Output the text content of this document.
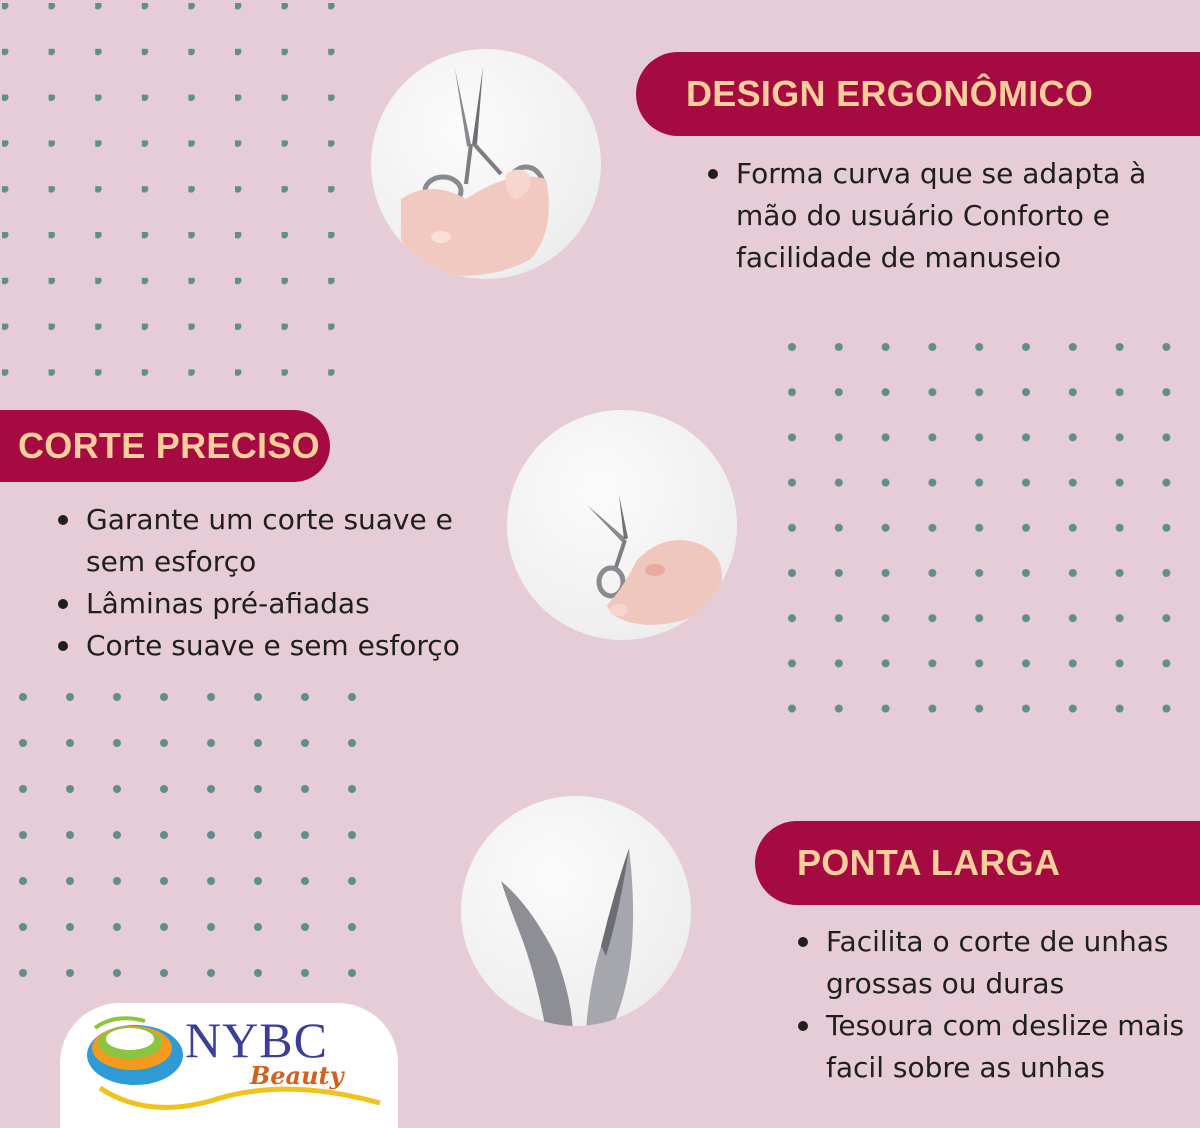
DESIGN ERGONÔMICO
Forma curva que se adapta à mão do usuário Conforto e facilidade de manuseio
CORTE PRECISO
Garante um corte suave e sem esforço
Lâminas pré-afiadas
Corte suave e sem esforço
PONTA LARGA
Facilita o corte de unhas grossas ou duras
Tesoura com deslize mais facil sobre as unhas
NYBC
Beauty
